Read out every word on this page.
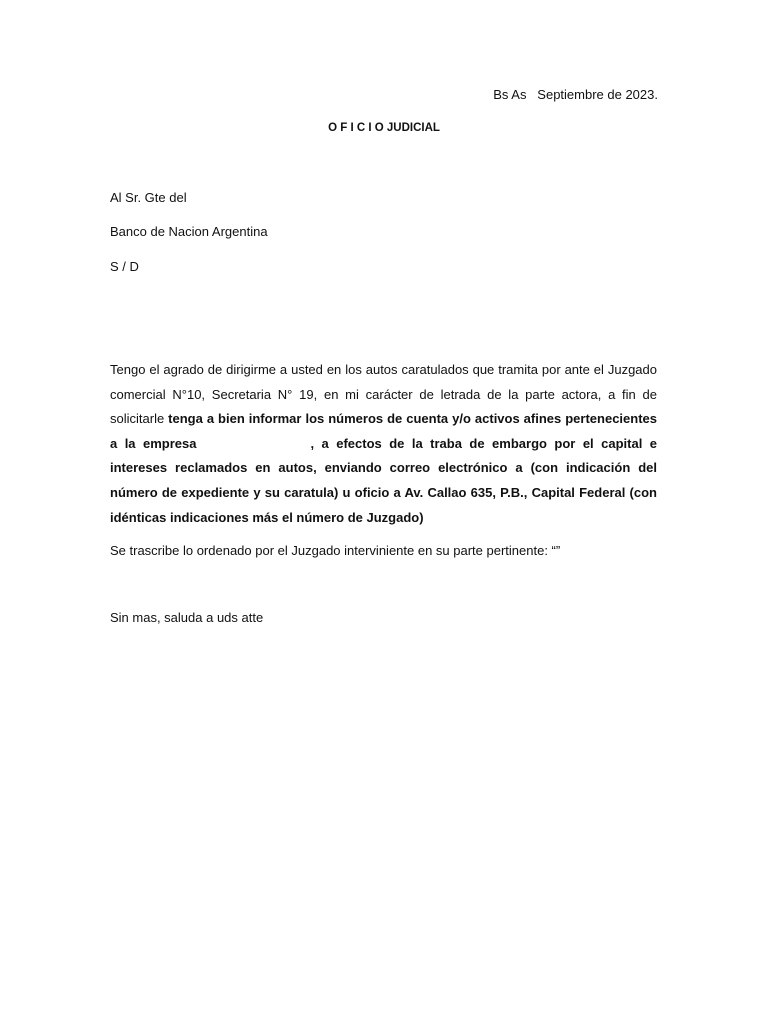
Bs As   Septiembre de 2023.
O F I C I O JUDICIAL
Al Sr. Gte del
Banco de Nacion Argentina
S / D

Tengo el agrado de dirigirme a usted en los autos caratulados que tramita por ante el Juzgado comercial N°10, Secretaria N° 19, en mi carácter de letrada de la parte actora, a fin de solicitarle tenga a bien informar los números de cuenta y/o activos afines pertenecientes a la empresa	, a efectos de la traba de embargo por el capital e intereses reclamados en autos, enviando correo electrónico a (con indicación del número de expediente y su caratula) u oficio a Av. Callao 635, P.B., Capital Federal (con idénticas indicaciones más el número de Juzgado)

Se trascribe lo ordenado por el Juzgado interviniente en su parte pertinente: “”
Sin mas, saluda a uds atte
